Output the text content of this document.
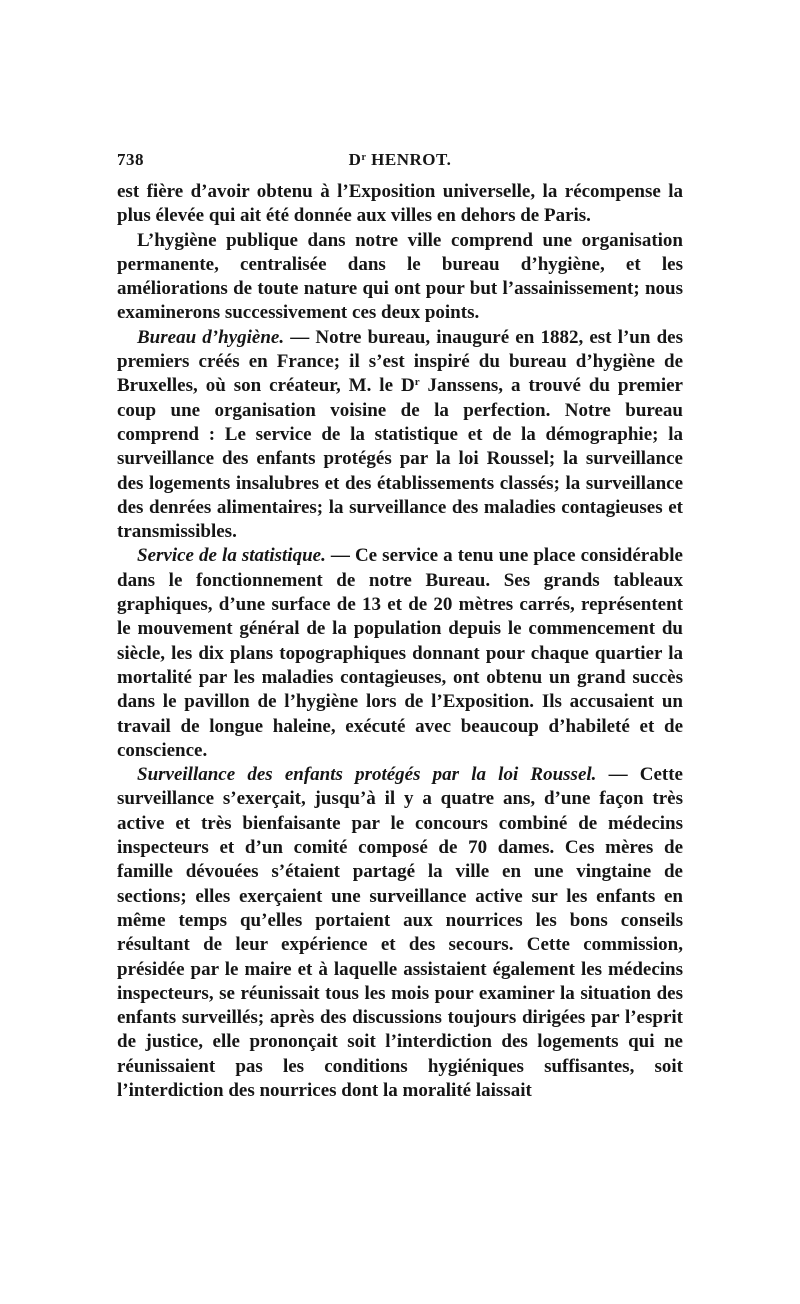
738	$D^r$ HENROT.

est fière d’avoir obtenu à l’Exposition universelle, la récompense la plus élevée qui ait été donnée aux villes en dehors de Paris.

L’hygiène publique dans notre ville comprend une organisation permanente, centralisée dans le bureau d’hygiène, et les améliorations de toute nature qui ont pour but l’assainissement; nous examinerons successivement ces deux points.

Bureau d’hygiène. — Notre bureau, inauguré en 1882, est l’un des premiers créés en France; il s’est inspiré du bureau d’hygiène de Bruxelles, où son créateur, M. le $D^r$ Janssens, a trouvé du premier coup une organisation voisine de la perfection. Notre bureau comprend : Le service de la statistique et de la démographie; la surveillance des enfants protégés par la loi Roussel; la surveillance des logements insalubres et des établissements classés; la surveillance des denrées alimentaires; la surveillance des maladies contagieuses et transmissibles.

Service de la statistique. — Ce service a tenu une place considérable dans le fonctionnement de notre Bureau. Ses grands tableaux graphiques, d’une surface de 13 et de 20 mètres carrés, représentent le mouvement général de la population depuis le commencement du siècle, les dix plans topographiques donnant pour chaque quartier la mortalité par les maladies contagieuses, ont obtenu un grand succès dans le pavillon de l’hygiène lors de l’Exposition. Ils accusaient un travail de longue haleine, exécuté avec beaucoup d’habileté et de conscience.

Surveillance des enfants protégés par la loi Roussel. — Cette surveillance s’exerçait, jusqu’à il y a quatre ans, d’une façon très active et très bienfaisante par le concours combiné de médecins inspecteurs et d’un comité composé de 70 dames. Ces mères de famille dévouées s’étaient partagé la ville en une vingtaine de sections; elles exerçaient une surveillance active sur les enfants en même temps qu’elles portaient aux nourrices les bons conseils résultant de leur expérience et des secours. Cette commission, présidée par le maire et à laquelle assistaient également les médecins inspecteurs, se réunissait tous les mois pour examiner la situation des enfants surveillés; après des discussions toujours dirigées par l’esprit de justice, elle prononçait soit l’interdiction des logements qui ne réunissaient pas les conditions hygiéniques suffisantes, soit l’interdiction des nourrices dont la moralité laissait
